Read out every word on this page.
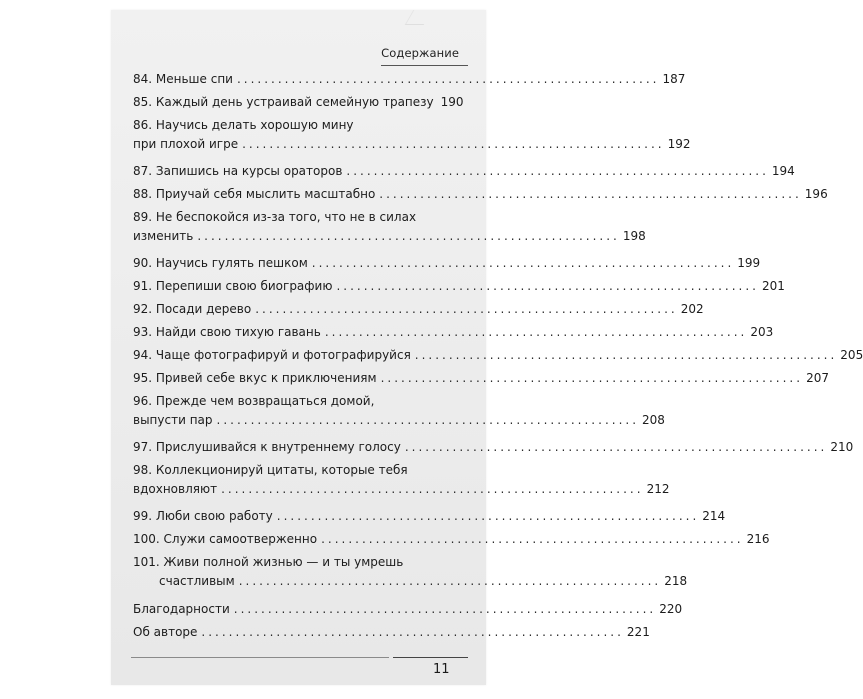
Содержание
84. Меньше спи .............................................................. 187
85. Каждый день устраивай семейную трапезу 190
86. Научись делать хорошую мину
при плохой игре .............................................................. 192
87. Запишись на курсы ораторов .............................................................. 194
88. Приучай себя мыслить масштабно .............................................................. 196
89. Не беспокойся из-за того, что не в силах
изменить .............................................................. 198
90. Научись гулять пешком .............................................................. 199
91. Перепиши свою биографию .............................................................. 201
92. Посади дерево .............................................................. 202
93. Найди свою тихую гавань .............................................................. 203
94. Чаще фотографируй и фотографируйся .............................................................. 205
95. Привей себе вкус к приключениям .............................................................. 207
96. Прежде чем возвращаться домой,
выпусти пар .............................................................. 208
97. Прислушивайся к внутреннему голосу .............................................................. 210
98. Коллекционируй цитаты, которые тебя
вдохновляют .............................................................. 212
99. Люби свою работу .............................................................. 214
100. Служи самоотверженно .............................................................. 216
101. Живи полной жизнью — и ты умрешь
счастливым .............................................................. 218
Благодарности .............................................................. 220
Об авторе .............................................................. 221
11
